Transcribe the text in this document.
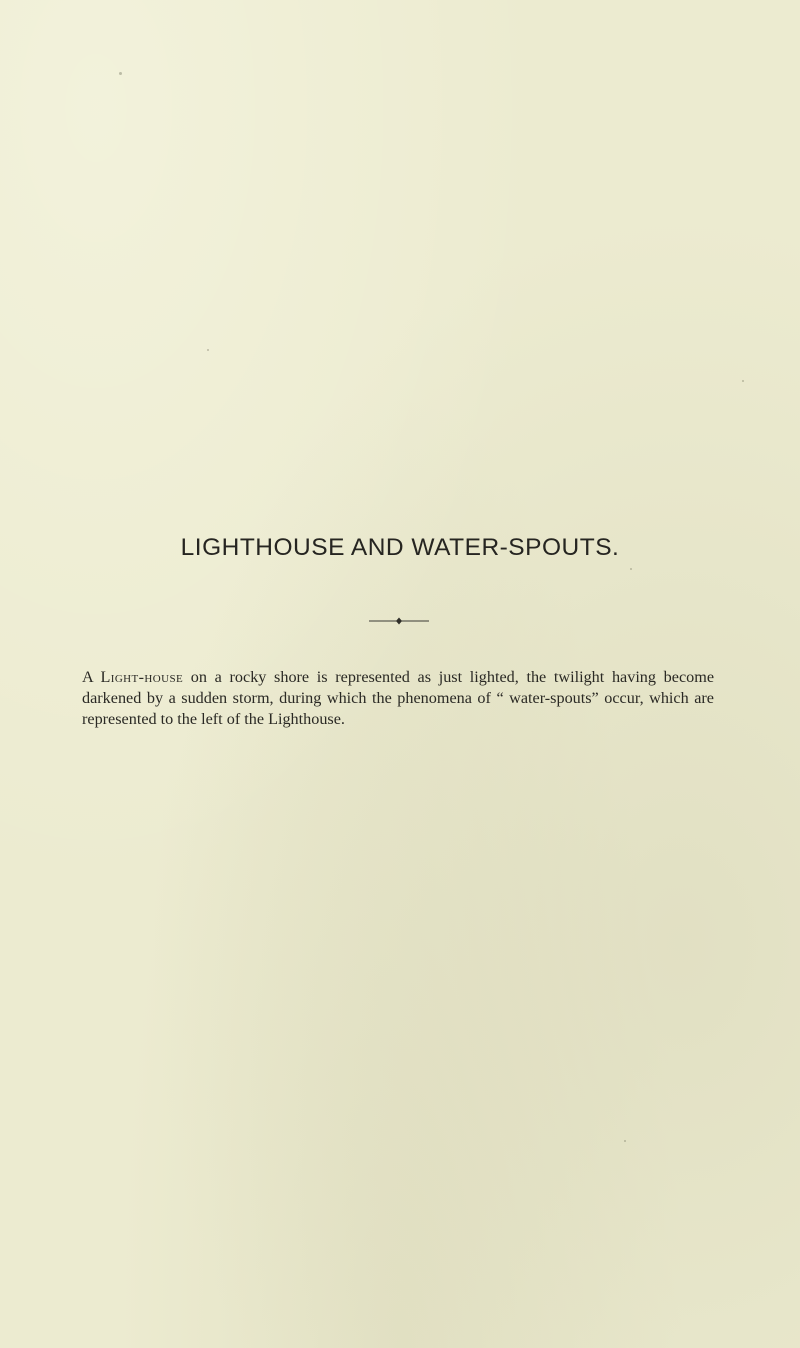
LIGHTHOUSE AND WATER-SPOUTS.

A Light-house on a rocky shore is represented as just lighted, the twilight having become darkened by a sudden storm, during which the phenomena of “ water-spouts” occur, which are represented to the left of the Lighthouse.
